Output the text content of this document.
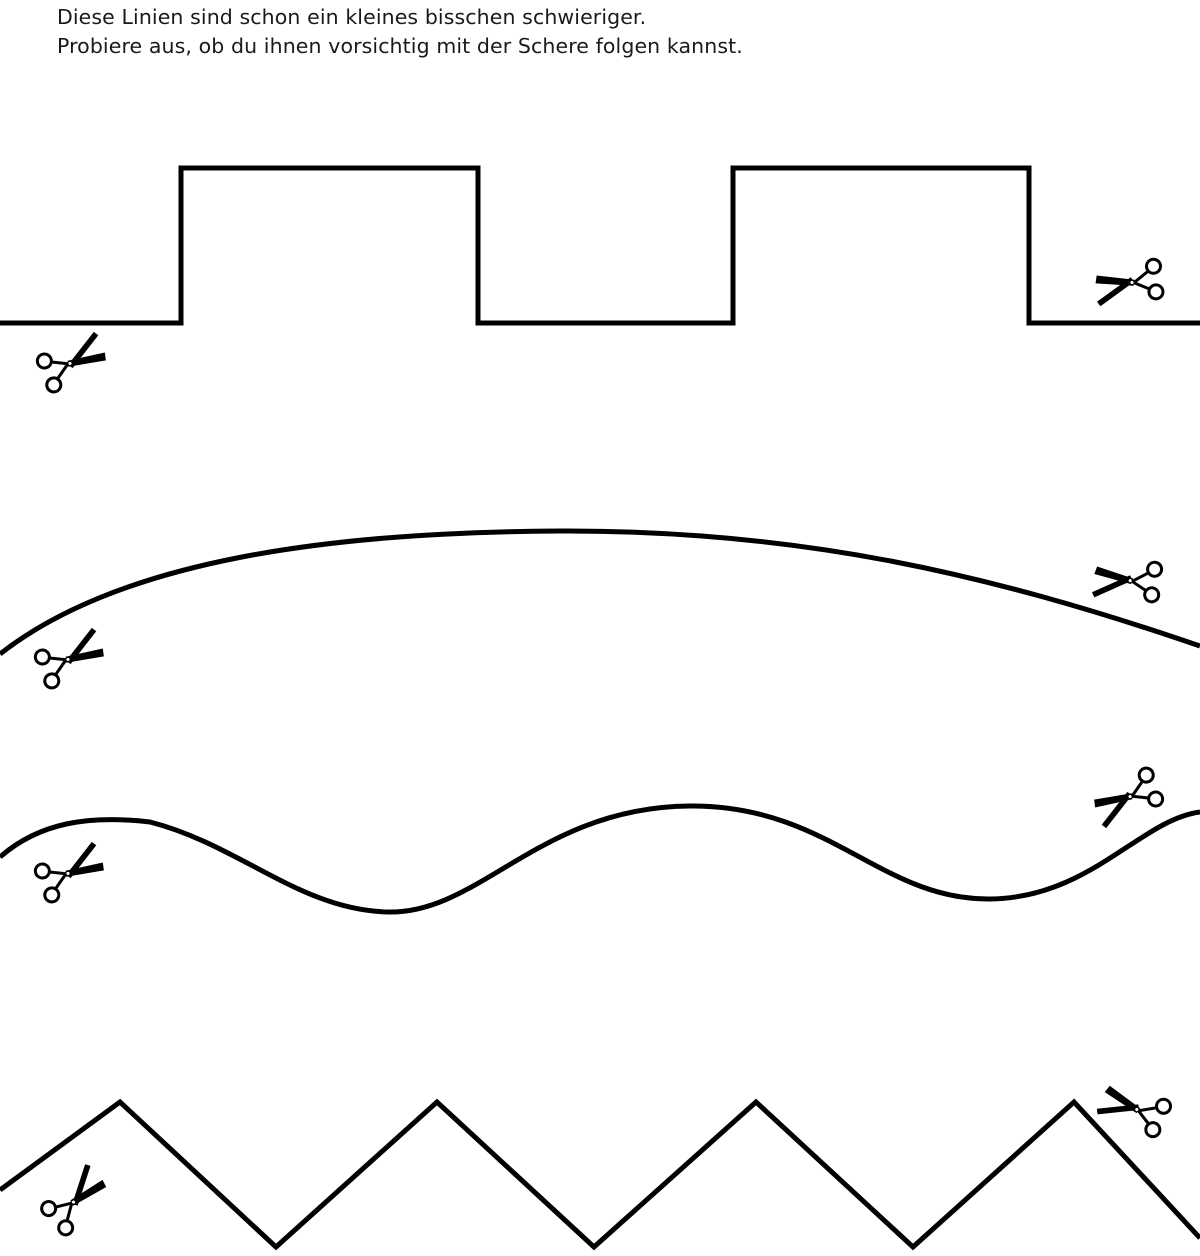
Diese Linien sind schon ein kleines bisschen schwieriger.

Probiere aus, ob du ihnen vorsichtig mit der Schere folgen kannst.
